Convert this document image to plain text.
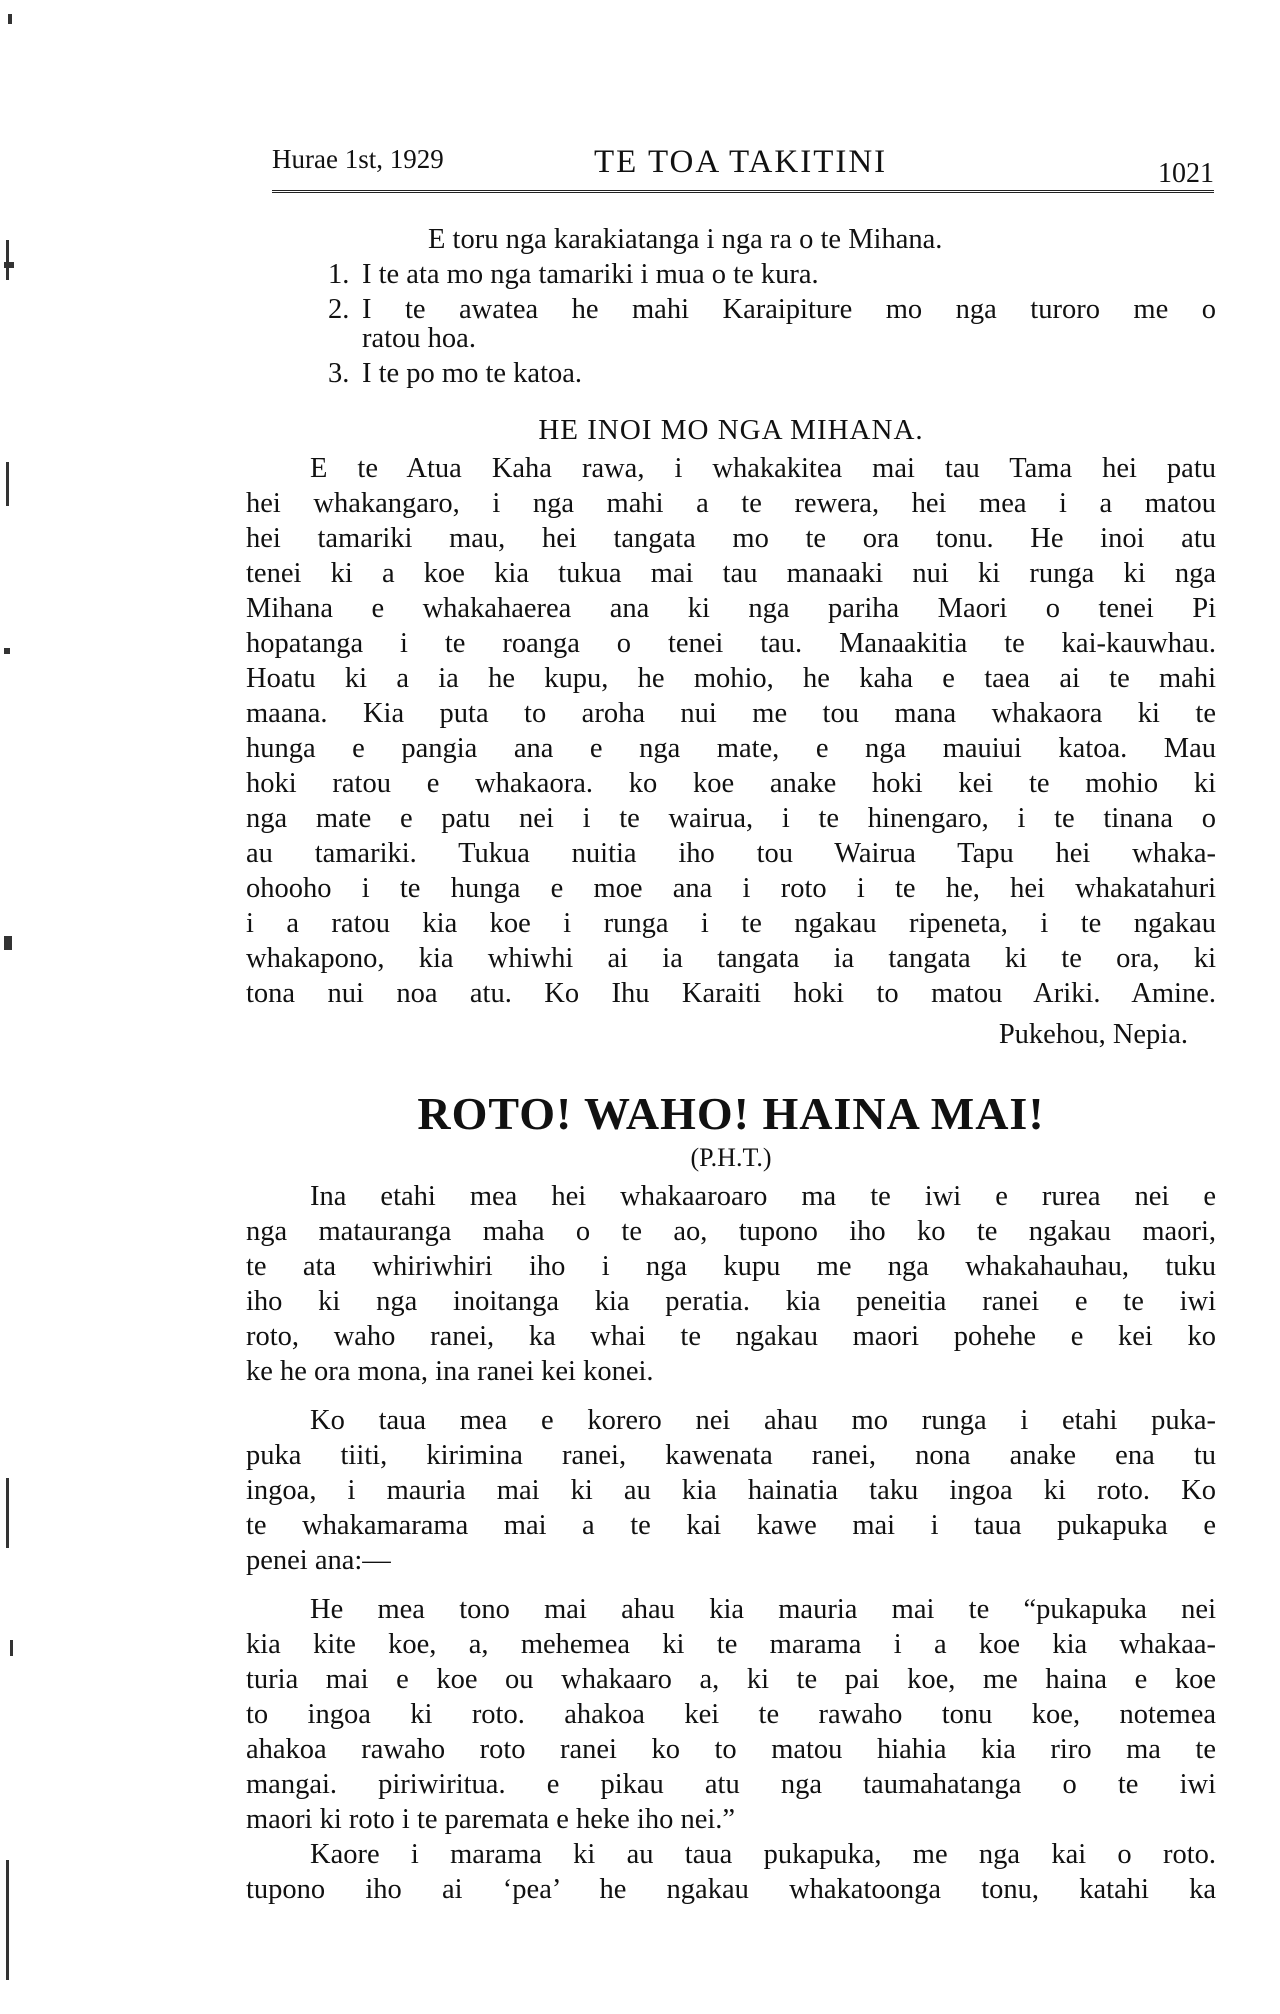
Hurae 1st, 1929	TE TOA TAKITINI	1021
E toru nga karakiatanga i nga ra o te Mihana.
1. I te ata mo nga tamariki i mua o te kura.
2. I te awatea he mahi Karaipiture mo nga turoro me o
ratou hoa.
3. I te po mo te katoa.
HE INOI MO NGA MIHANA.
E te Atua Kaha rawa, i whakakitea mai tau Tama hei patu
hei whakangaro, i nga mahi a te rewera, hei mea i a matou
hei tamariki mau, hei tangata mo te ora tonu. He inoi atu
tenei ki a koe kia tukua mai tau manaaki nui ki runga ki nga
Mihana e whakahaerea ana ki nga pariha Maori o tenei Pi
hopatanga i te roanga o tenei tau. Manaakitia te kai-kauwhau.
Hoatu ki a ia he kupu, he mohio, he kaha e taea ai te mahi
maana. Kia puta to aroha nui me tou mana whakaora ki te
hunga e pangia ana e nga mate, e nga mauiui katoa. Mau
hoki ratou e whakaora. ko koe anake hoki kei te mohio ki
nga mate e patu nei i te wairua, i te hinengaro, i te tinana o
au tamariki. Tukua nuitia iho tou Wairua Tapu hei whaka-
ohooho i te hunga e moe ana i roto i te he, hei whakatahuri
i a ratou kia koe i runga i te ngakau ripeneta, i te ngakau
whakapono, kia whiwhi ai ia tangata ia tangata ki te ora, ki
tona nui noa atu. Ko Ihu Karaiti hoki to matou Ariki. Amine.
Pukehou, Nepia.
ROTO! WAHO! HAINA MAI!
(P.H.T.)
Ina etahi mea hei whakaaroaro ma te iwi e rurea nei e
nga matauranga maha o te ao, tupono iho ko te ngakau maori,
te ata whiriwhiri iho i nga kupu me nga whakahauhau, tuku
iho ki nga inoitanga kia peratia. kia peneitia ranei e te iwi
roto, waho ranei, ka whai te ngakau maori pohehe e kei ko
ke he ora mona, ina ranei kei konei.
Ko taua mea e korero nei ahau mo runga i etahi puka-
puka tiiti, kirimina ranei, kawenata ranei, nona anake ena tu
ingoa, i mauria mai ki au kia hainatia taku ingoa ki roto. Ko
te whakamarama mai a te kai kawe mai i taua pukapuka e
penei ana:—
He mea tono mai ahau kia mauria mai te “pukapuka nei
kia kite koe, a, mehemea ki te marama i a koe kia whakaa-
turia mai e koe ou whakaaro a, ki te pai koe, me haina e koe
to ingoa ki roto. ahakoa kei te rawaho tonu koe, notemea
ahakoa rawaho roto ranei ko to matou hiahia kia riro ma te
mangai. piriwiritua. e pikau atu nga taumahatanga o te iwi
maori ki roto i te paremata e heke iho nei.”
Kaore i marama ki au taua pukapuka, me nga kai o roto.
tupono iho ai ‘pea’ he ngakau whakatoonga tonu, katahi ka
